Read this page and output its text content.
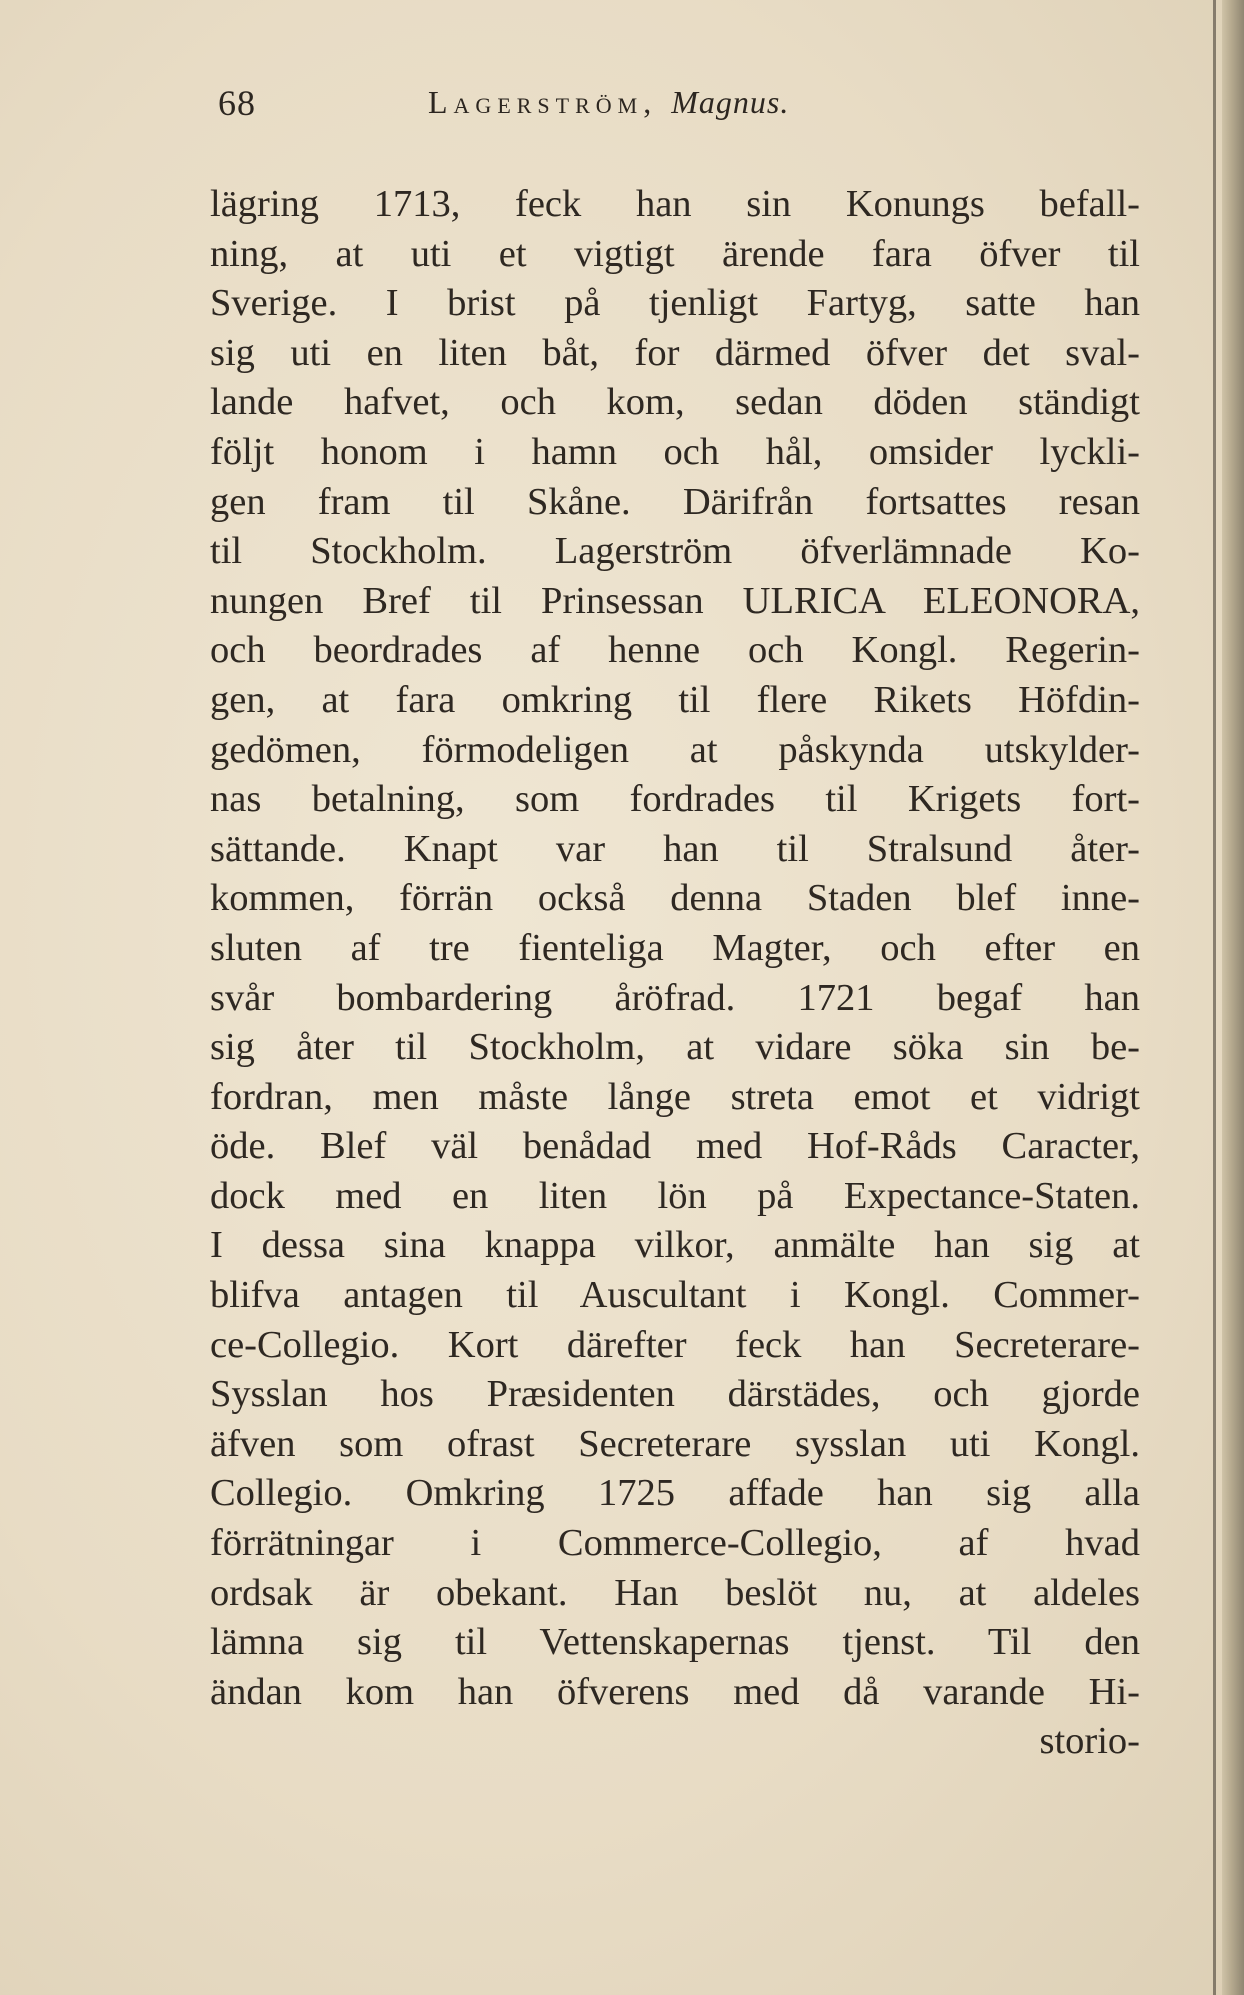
68	Lagerström, Magnus.
lägring 1713, feck han sin Konungs befall-
ning, at uti et vigtigt ärende fara öfver til
Sverige. I brist på tjenligt Fartyg, satte han
sig uti en liten båt, for därmed öfver det sval-
lande hafvet, och kom, sedan döden ständigt
följt honom i hamn och hål, omsider lyckli-
gen fram til Skåne. Därifrån fortsattes resan
til Stockholm. Lagerström öfverlämnade Ko-
nungen Bref til Prinsessan ULRICA ELEONORA,
och beordrades af henne och Kongl. Regerin-
gen, at fara omkring til flere Rikets Höfdin-
gedömen, förmodeligen at påskynda utskylder-
nas betalning, som fordrades til Krigets fort-
sättande. Knapt var han til Stralsund åter-
kommen, förrän också denna Staden blef inne-
sluten af tre fienteliga Magter, och efter en
svår bombardering åröfrad. 1721 begaf han
sig åter til Stockholm, at vidare söka sin be-
fordran, men måste långe streta emot et vidrigt
öde. Blef väl benådad med Hof-Råds Caracter,
dock med en liten lön på Expectance-Staten.
I dessa sina knappa vilkor, anmälte han sig at
blifva antagen til Auscultant i Kongl. Commer-
ce-Collegio. Kort därefter feck han Secreterare-
Sysslan hos Præsidenten därstädes, och gjorde
äfven som ofrast Secreterare sysslan uti Kongl.
Collegio. Omkring 1725 affade han sig alla
förrätningar i Commerce-Collegio, af hvad
ordsak är obekant. Han beslöt nu, at aldeles
lämna sig til Vettenskapernas tjenst. Til den
ändan kom han öfverens med då varande Hi-
storio-
